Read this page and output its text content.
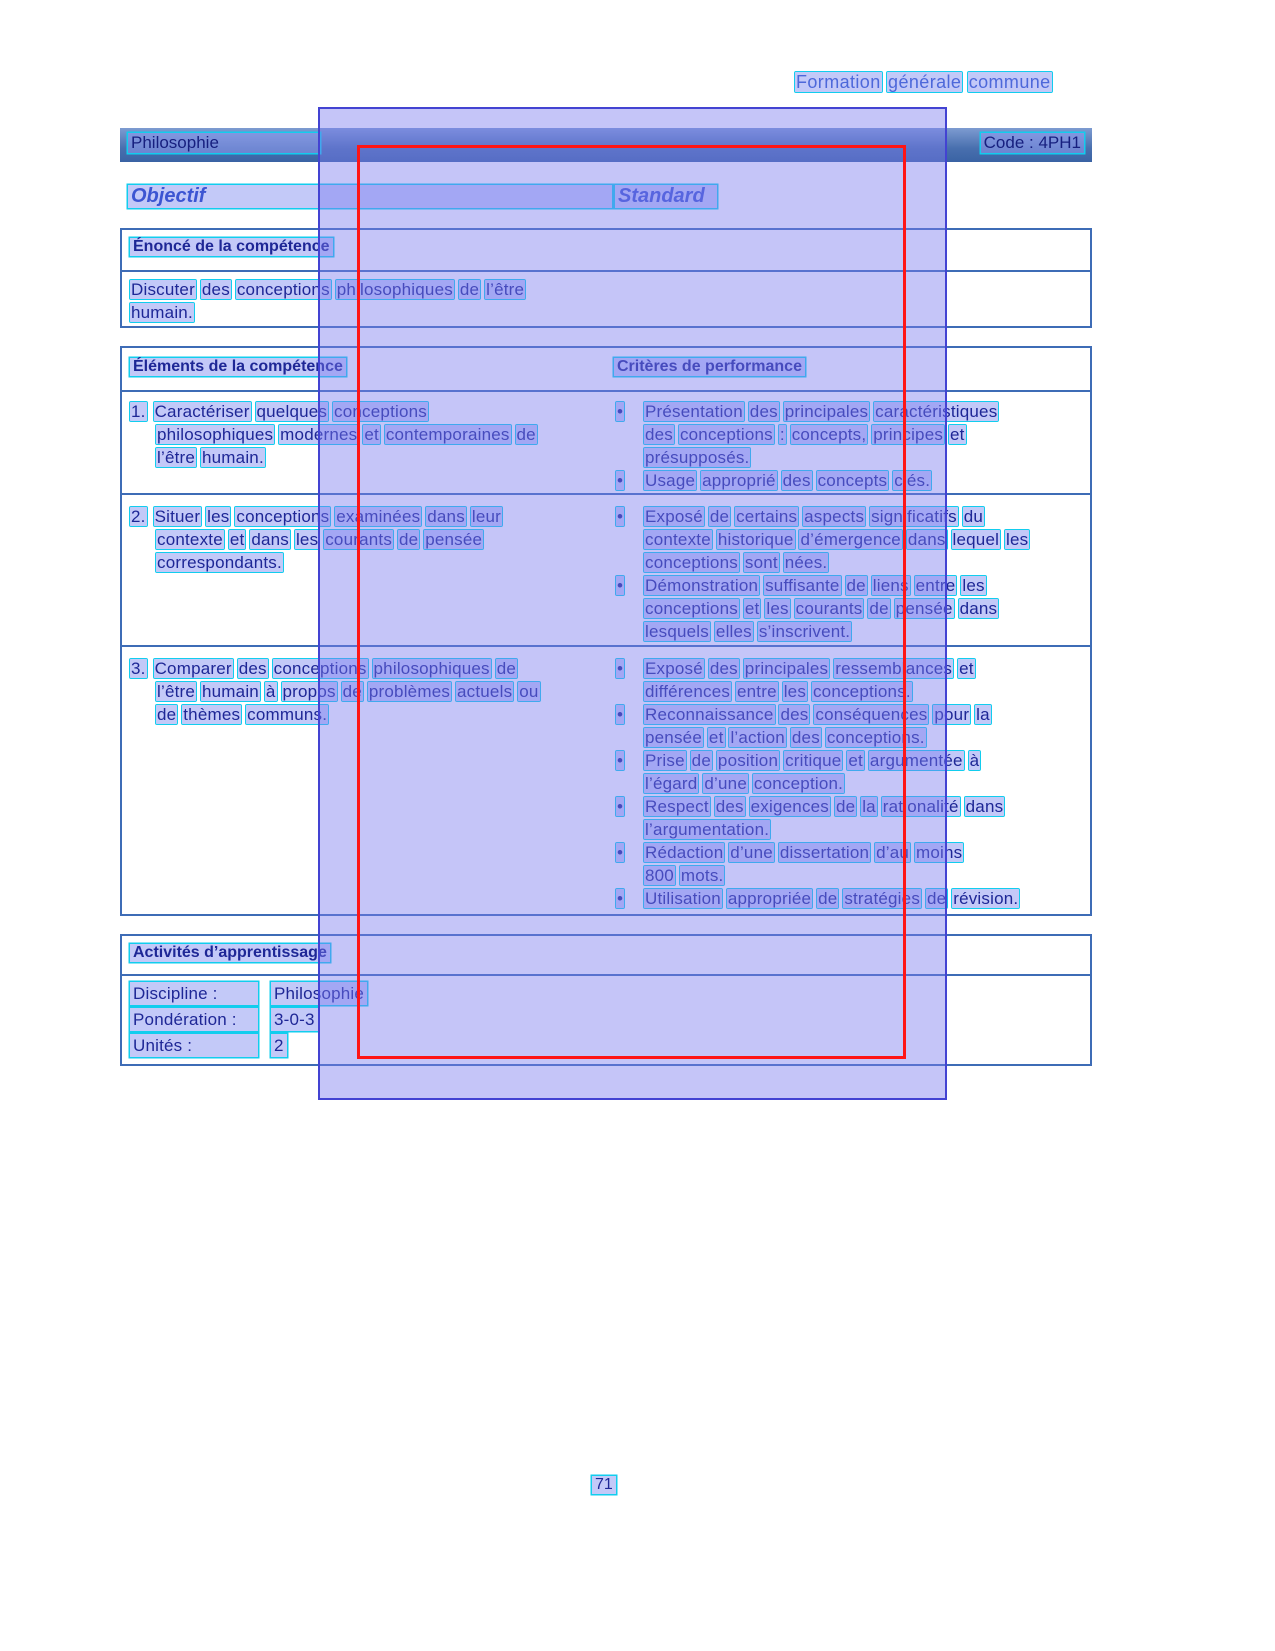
Formation générale commune
Philosophie	Code : 4PH1
Objectif	Standard
Énoncé de la compétence
Discuter des conceptions philosophiques de l’être
humain.
Éléments de la compétence	Critères de performance
1. Caractériser quelques conceptions
philosophiques modernes et contemporaines de
l’être humain.
• Présentation des principales caractéristiques
des conceptions : concepts, principes et
présupposés.
• Usage approprié des concepts clés.
2. Situer les conceptions examinées dans leur
contexte et dans les courants de pensée
correspondants.
• Exposé de certains aspects significatifs du
contexte historique d’émergence dans lequel les
conceptions sont nées.
• Démonstration suffisante de liens entre les
conceptions et les courants de pensée dans
lesquels elles s’inscrivent.
3. Comparer des conceptions philosophiques de
l’être humain à propos de problèmes actuels ou
de thèmes communs.
• Exposé des principales ressemblances et
différences entre les conceptions.
• Reconnaissance des conséquences pour la
pensée et l’action des conceptions.
• Prise de position critique et argumentée à
l’égard d’une conception.
• Respect des exigences de la rationalité dans
l’argumentation.
• Rédaction d’une dissertation d’au moins
800 mots.
• Utilisation appropriée de stratégies de révision.
Activités d’apprentissage
Discipline :	Philosophie
Pondération : 3-0-3
Unités :	2
71
